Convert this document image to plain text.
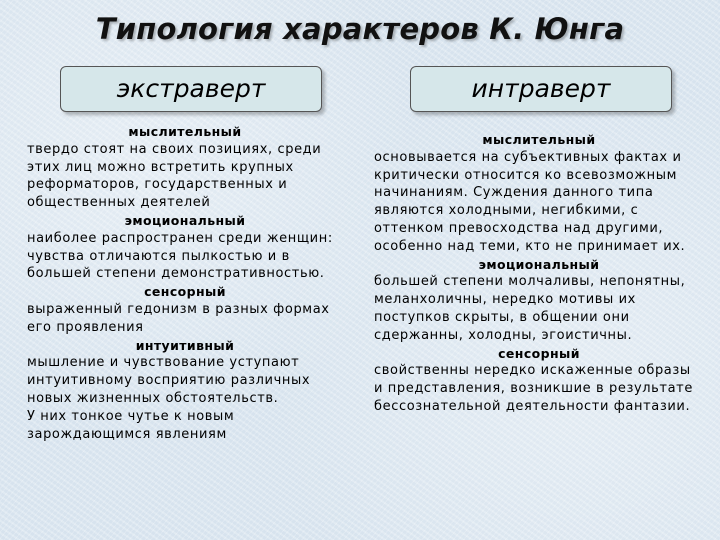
Типология характеров К. Юнга
экстраверт	интраверт
мыслительный

твердо стоят на своих позициях, среди

этих лиц можно встретить крупных

реформаторов, государственных и

общественных деятелей

эмоциональный

наиболее распространен среди женщин:

чувства отличаются пылкостью и в

большей степени демонстративностью.

сенсорный

выраженный гедонизм в разных формах

его проявления

интуитивный

мышление и чувствование уступают

интуитивному восприятию различных

новых жизненных обстоятельств.

У них тонкое чутье к новым

зарождающимся явлениям

мыслительный

основывается на субъективных фактах и

критически относится ко всевозможным

начинаниям. Суждения данного типа

являются холодными, негибкими, с

оттенком превосходства над другими,

особенно над теми, кто не принимает их.

эмоциональный

большей степени молчаливы, непонятны,

меланхоличны, нередко мотивы их

поступков скрыты, в общении они

сдержанны, холодны, эгоистичны.

сенсорный

свойственны нередко искаженные образы

и представления, возникшие в результате

бессознательной деятельности фантазии.
